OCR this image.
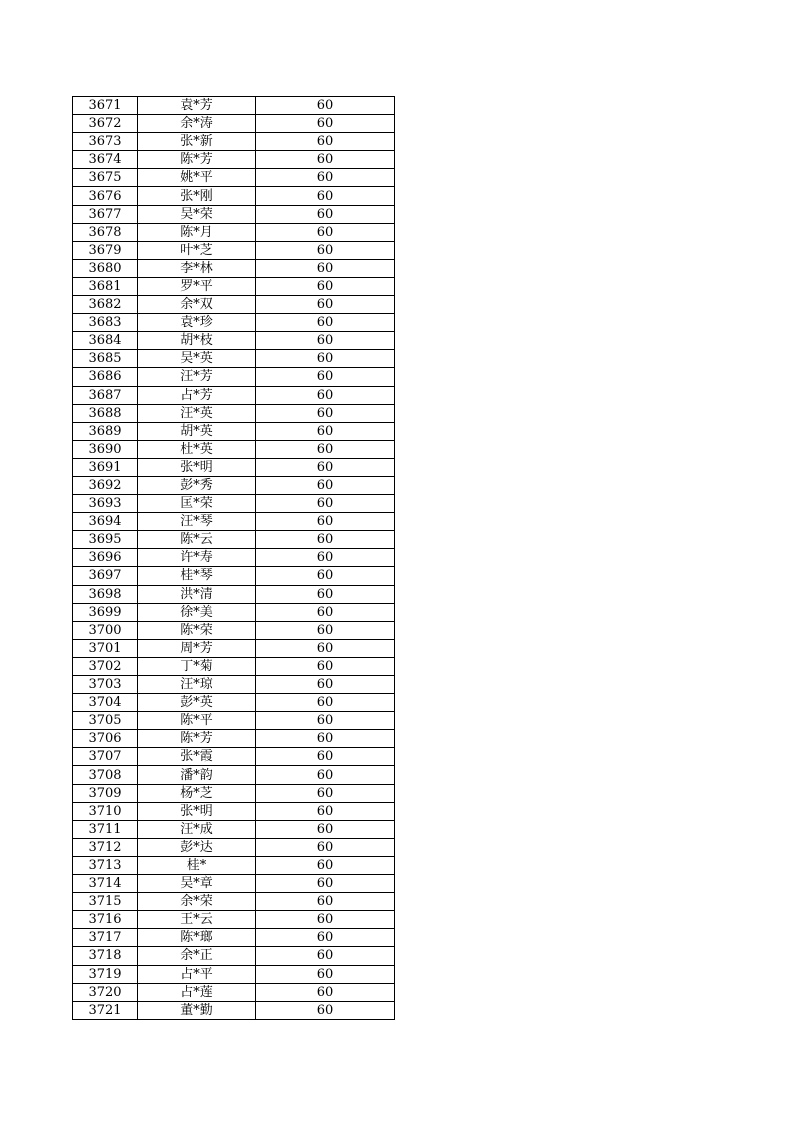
3671	袁*芳	60
3672	余*涛	60
3673	张*新	60
3674	陈*芳	60
3675	姚*平	60
3676	张*刚	60
3677	吴*荣	60
3678	陈*月	60
3679	叶*芝	60
3680	李*林	60
3681	罗*平	60
3682	余*双	60
3683	袁*珍	60
3684	胡*枝	60
3685	吴*英	60
3686	汪*芳	60
3687	占*芳	60
3688	汪*英	60
3689	胡*英	60
3690	杜*英	60
3691	张*明	60
3692	彭*秀	60
3693	匡*荣	60
3694	汪*琴	60
3695	陈*云	60
3696	许*寿	60
3697	桂*琴	60
3698	洪*清	60
3699	徐*美	60
3700	陈*荣	60
3701	周*芳	60
3702	丁*菊	60
3703	汪*琼	60
3704	彭*英	60
3705	陈*平	60
3706	陈*芳	60
3707	张*霞	60
3708	潘*韵	60
3709	杨*芝	60
3710	张*明	60
3711	汪*成	60
3712	彭*达	60
3713	桂*	60
3714	吴*章	60
3715	余*荣	60
3716	王*云	60
3717	陈*瑯	60
3718	余*正	60
3719	占*平	60
3720	占*莲	60
3721	董*勤	60
